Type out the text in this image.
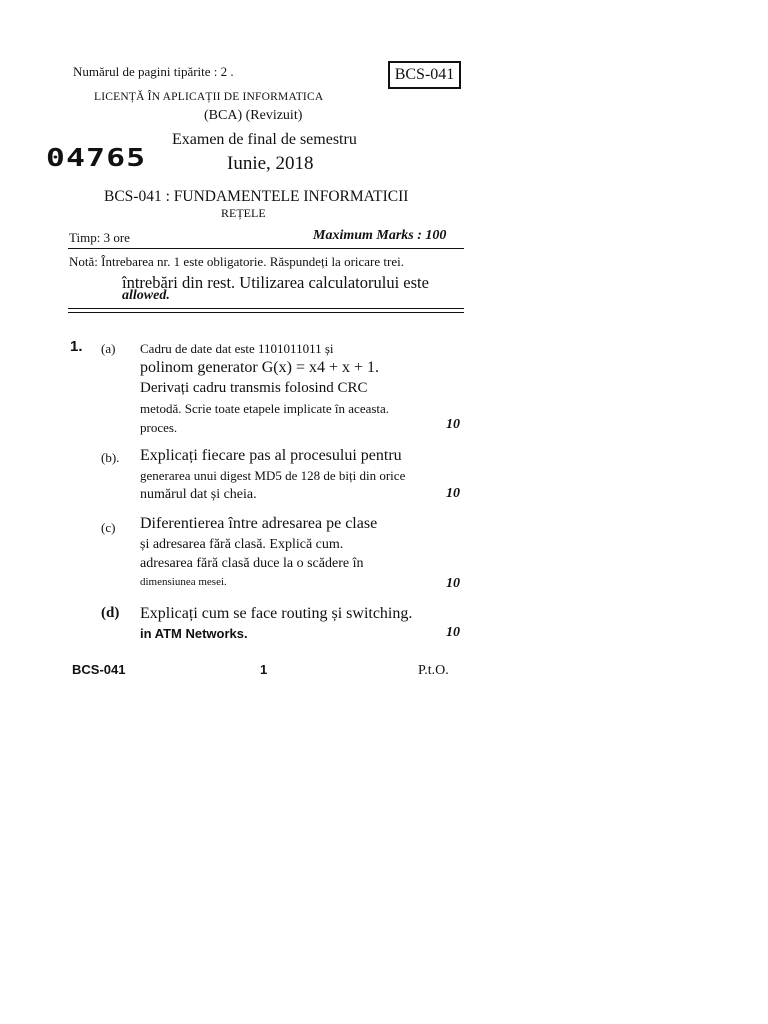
Numărul de pagini tipărite : 2 .	BCS-041
LICENȚĂ ÎN APLICAȚII DE INFORMATICA
(BCA) (Revizuit)
Examen de final de semestru
04765	Iunie, 2018
BCS-041 : FUNDAMENTELE INFORMATICII
REȚELE
Timp: 3 ore	Maximum Marks : 100
Notă: Întrebarea nr. 1 este obligatorie. Răspundeți la oricare trei.
întrebări din rest. Utilizarea calculatorului este
allowed.
1. (a) Cadru de date dat este 1101011011 și
polinom generator G(x) = x4 + x + 1.
Derivați cadru transmis folosind CRC
metodă. Scrie toate etapele implicate în aceasta.
proces.	10
(b). Explicați fiecare pas al procesului pentru
generarea unui digest MD5 de 128 de biți din orice
numărul dat și cheia.	10
(c) Diferentierea între adresarea pe clase
și adresarea fără clasă. Explică cum.
adresarea fără clasă duce la o scădere în
dimensiunea mesei.	10
(d) Explicați cum se face routing și switching.
in ATM Networks.	10
BCS-041	1	P.t.O.
